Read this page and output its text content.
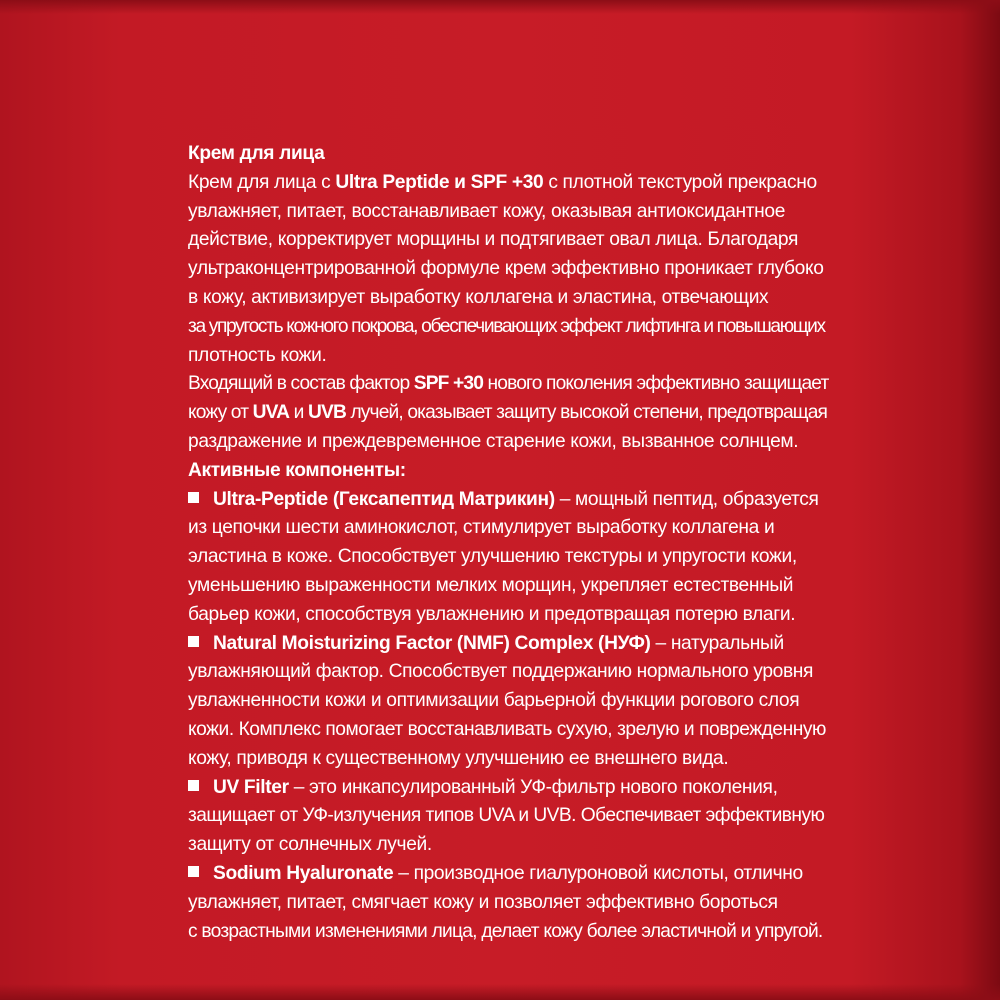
Крем для лица
Крем для лица с Ultra Peptide и SPF +30 с плотной текстурой прекрасно
увлажняет, питает, восстанавливает кожу, оказывая антиоксидантное
действие, корректирует морщины и подтягивает овал лица. Благодаря
ультраконцентрированной формуле крем эффективно проникает глубоко
в кожу, активизирует выработку коллагена и эластина, отвечающих
за упругость кожного покрова, обеспечивающих эффект лифтинга и повышающих
плотность кожи.
Входящий в состав фактор SPF +30 нового поколения эффективно защищает
кожу от UVA и UVB лучей, оказывает защиту высокой степени, предотвращая
раздражение и преждевременное старение кожи, вызванное солнцем.
Активные компоненты:
Ultra-Peptide (Гексапептид Матрикин) – мощный пептид, образуется
из цепочки шести аминокислот, стимулирует выработку коллагена и
эластина в коже. Способствует улучшению текстуры и упругости кожи,
уменьшению выраженности мелких морщин, укрепляет естественный
барьер кожи, способствуя увлажнению и предотвращая потерю влаги.
Natural Moisturizing Factor (NMF) Complex (НУФ) – натуральный
увлажняющий фактор. Способствует поддержанию нормального уровня
увлажненности кожи и оптимизации барьерной функции рогового слоя
кожи. Комплекс помогает восстанавливать сухую, зрелую и поврежденную
кожу, приводя к существенному улучшению ее внешнего вида.
UV Filter – это инкапсулированный УФ-фильтр нового поколения,
защищает от УФ-излучения типов UVA и UVB. Обеспечивает эффективную
защиту от солнечных лучей.
Sodium Hyaluronate – производное гиалуроновой кислоты, отлично
увлажняет, питает, смягчает кожу и позволяет эффективно бороться
с возрастными изменениями лица, делает кожу более эластичной и упругой.
